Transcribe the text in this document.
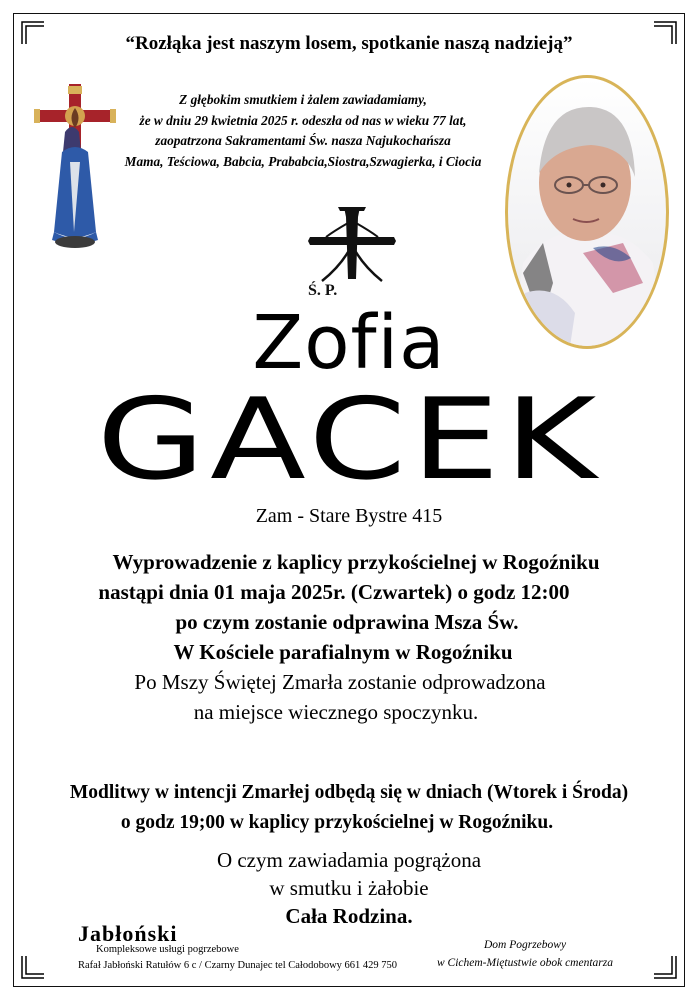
“Rozłąka jest naszym losem, spotkanie naszą nadzieją”
Z głębokim smutkiem i żalem zawiadamiamy,
że w dniu 29 kwietnia 2025 r. odeszła od nas w wieku 77 lat,
zaopatrzona Sakramentami Św. nasza Najukochańsza
Mama, Teściowa, Babcia, Prababcia,Siostra,Szwagierka, i Ciocia
Ś. P.
Zofia
GACEK
Zam - Stare Bystre 415
Wyprowadzenie z kaplicy przykościelnej w Rogoźniku
nastąpi dnia 01 maja 2025r. (Czwartek) o godz 12:00
po czym zostanie odprawina Msza Św.
W Kościele parafialnym w Rogoźniku
Po Mszy Świętej Zmarła zostanie odprowadzona
na miejsce wiecznego spoczynku.
Modlitwy w intencji Zmarłej odbędą się w dniach (Wtorek i Środa)
o godz 19;00 w kaplicy przykościelnej w Rogoźniku.
O czym zawiadamia pogrążona
w smutku i żałobie
Cała Rodzina.
Jabłoński
Kompleksowe usługi pogrzebowe
Rafał Jabłoński Ratułów 6 c / Czarny Dunajec tel Całodobowy 661 429 750
Dom Pogrzebowy
w Cichem-Miętustwie obok cmentarza
